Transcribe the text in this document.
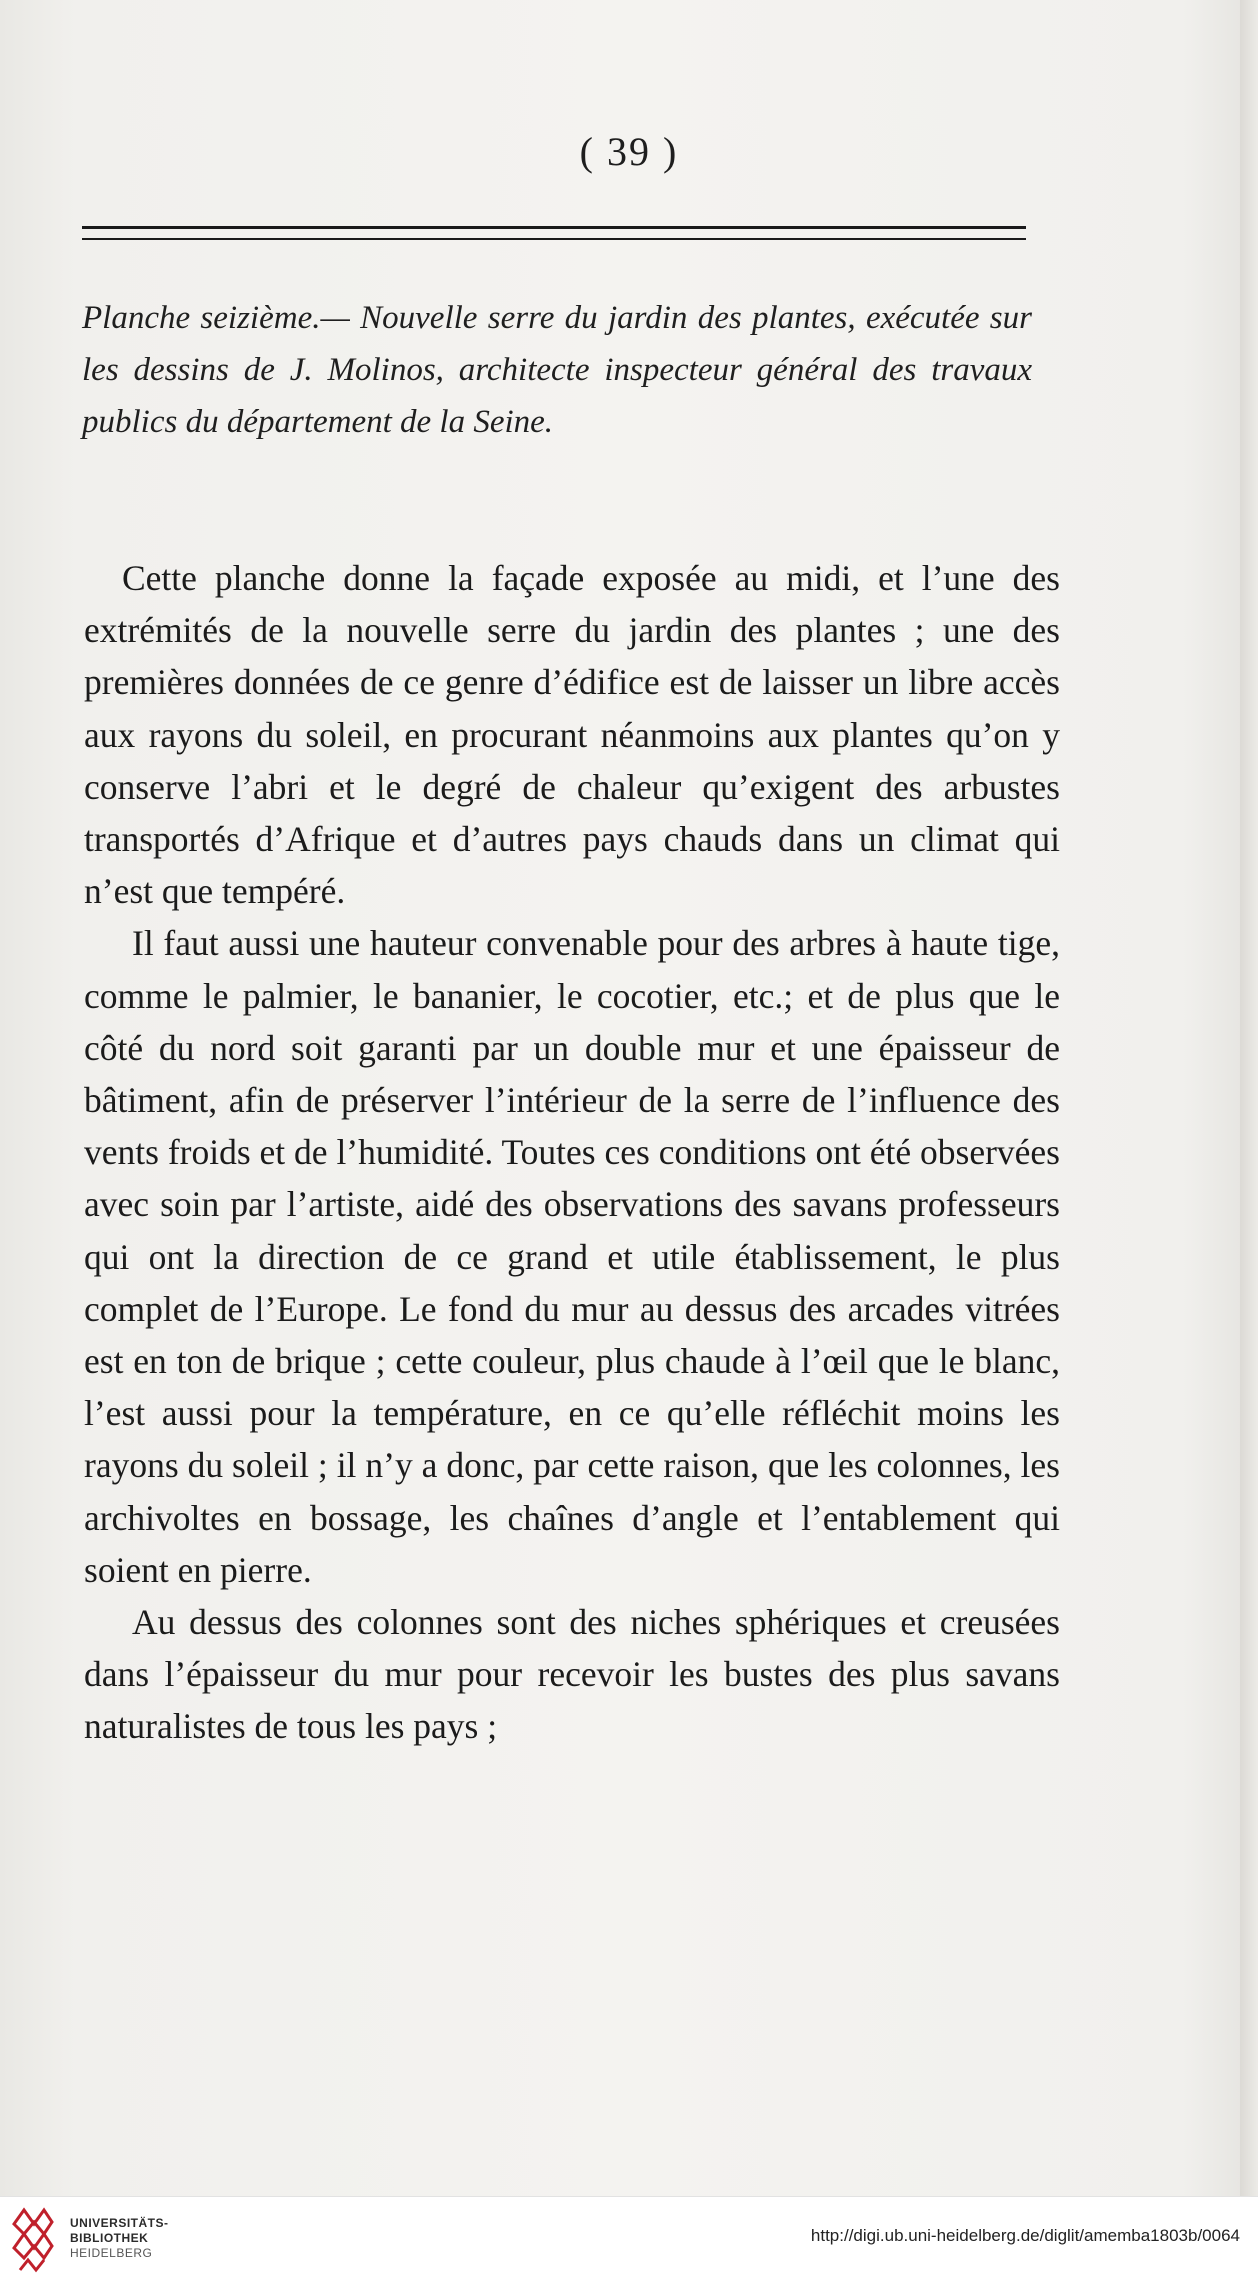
( 39 )
Planche seizième.— Nouvelle serre du jardin des plantes, exécutée sur les dessins de J. Molinos, architecte inspecteur général des travaux publics du département de la Seine.

Cette planche donne la façade exposée au midi, et l’une des extrémités de la nouvelle serre du jardin des plantes ; une des premières données de ce genre d’édifice est de laisser un libre accès aux rayons du soleil, en procurant néanmoins aux plantes qu’on y conserve l’abri et le degré de chaleur qu’exigent des arbustes transportés d’Afrique et d’autres pays chauds dans un climat qui n’est que tempéré.

Il faut aussi une hauteur convenable pour des arbres à haute tige, comme le palmier, le bananier, le cocotier, etc.; et de plus que le côté du nord soit garanti par un double mur et une épaisseur de bâtiment, afin de préserver l’intérieur de la serre de l’influence des vents froids et de l’humidité. Toutes ces conditions ont été observées avec soin par l’artiste, aidé des observations des savans professeurs qui ont la direction de ce grand et utile établissement, le plus complet de l’Europe. Le fond du mur au dessus des arcades vitrées est en ton de brique ; cette couleur, plus chaude à l’œil que le blanc, l’est aussi pour la température, en ce qu’elle réfléchit moins les rayons du soleil ; il n’y a donc, par cette raison, que les colonnes, les archivoltes en bossage, les chaînes d’angle et l’entablement qui soient en pierre.

Au dessus des colonnes sont des niches sphériques et creusées dans l’épaisseur du mur pour recevoir les bustes des plus savans naturalistes de tous les pays ;

UNIVERSITÄTS-
BIBLIOTHEK
HEIDELBERG
http://digi.ub.uni-heidelberg.de/diglit/amemba1803b/0064
